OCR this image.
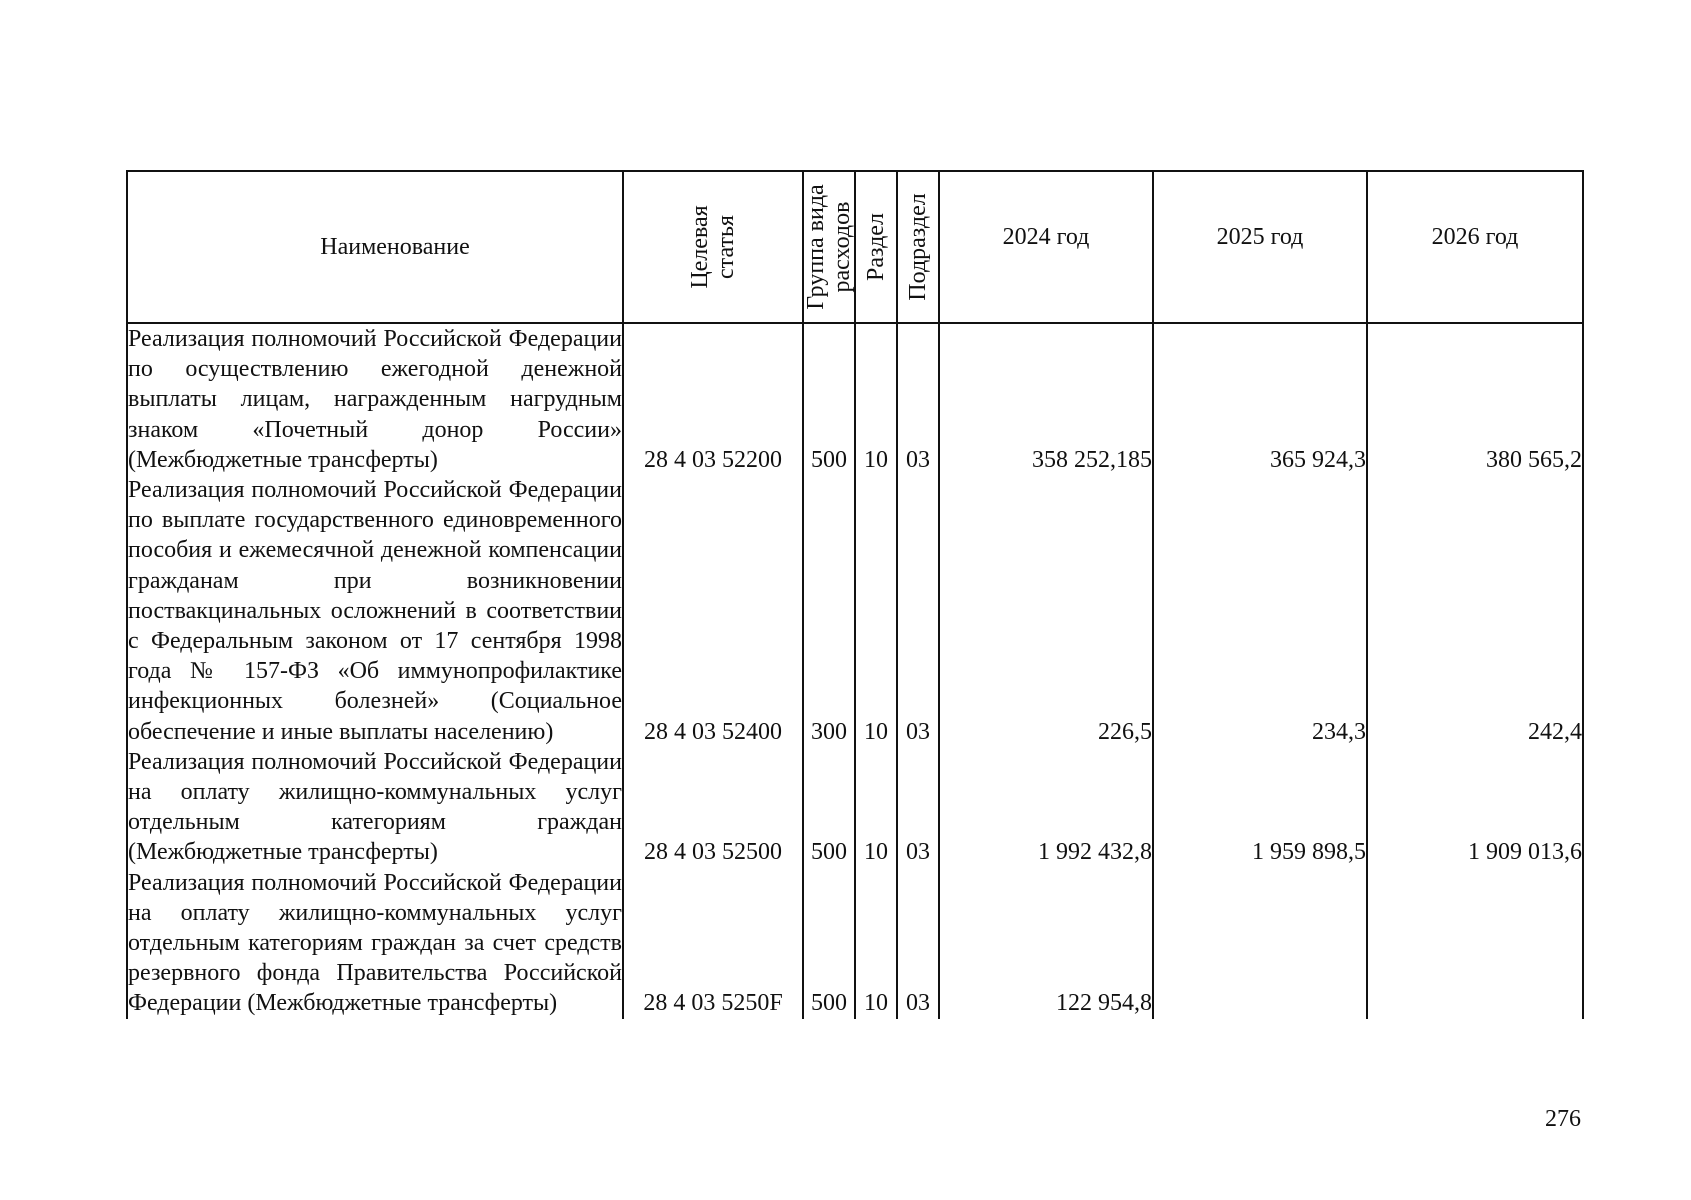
Наименование	Целевая статья	Группа вида расходов	Раздел	Подраздел	2024 год	2025 год	2026 год
Реализация полномочий Российской Федерации по осуществлению ежегодной денежной выплаты лицам, награжденным нагрудным знаком «Почетный донор России» (Межбюджетные трансферты)	28 4 03 52200	500	10	03	358 252,185	365 924,3	380 565,2
Реализация полномочий Российской Федерации по выплате государственного единовременного пособия и ежемесячной денежной компенсации гражданам при возникновении поствакцинальных осложнений в соответствии с Федеральным законом от 17 сентября 1998 года № 157-ФЗ «Об иммунопрофилактике инфекционных болезней» (Социальное обеспечение и иные выплаты населению)	28 4 03 52400	300	10	03	226,5	234,3	242,4
Реализация полномочий Российской Федерации на оплату жилищно-коммунальных услуг отдельным категориям граждан (Межбюджетные трансферты)	28 4 03 52500	500	10	03	1 992 432,8	1 959 898,5	1 909 013,6
Реализация полномочий Российской Федерации на оплату жилищно-коммунальных услуг отдельным категориям граждан за счет средств резервного фонда Правительства Российской Федерации (Межбюджетные трансферты)	28 4 03 5250F	500	10	03	122 954,8		
276
